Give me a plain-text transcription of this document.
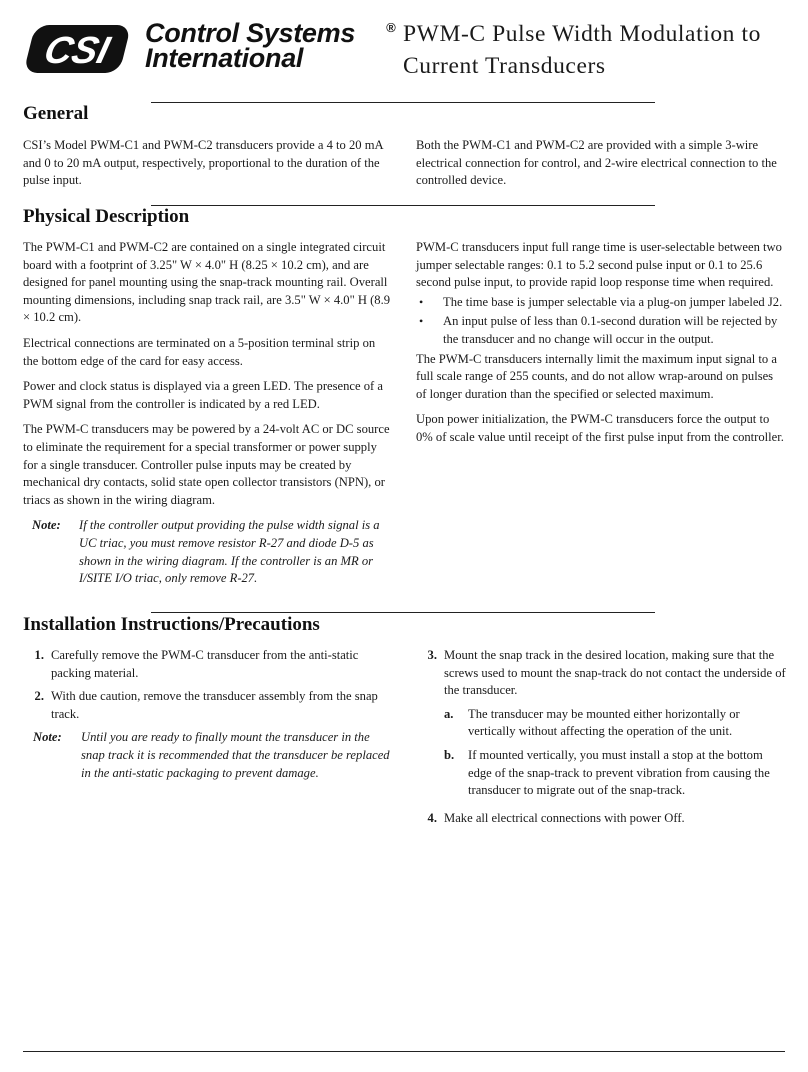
CSI Control Systems
International
® PWM-C Pulse Width Modulation to
Current Transducers
General

CSI’s Model PWM-C1 and PWM-C2 transducers provide a 4 to 20 mA and 0 to 20 mA output, respectively, proportional to the duration of the pulse input.

Both the PWM-C1 and PWM-C2 are provided with a simple 3-wire electrical connection for control, and 2-wire electrical connection to the controlled device.

Physical Description

The PWM-C1 and PWM-C2 are contained on a single integrated circuit board with a footprint of 3.25" W × 4.0" H (8.25 × 10.2 cm), and are designed for panel mounting using the snap-track mounting rail. Overall mounting dimensions, including snap track rail, are 3.5" W × 4.0" H (8.9 × 10.2 cm).

Electrical connections are terminated on a 5-position terminal strip on the bottom edge of the card for easy access.

Power and clock status is displayed via a green LED. The presence of a PWM signal from the controller is indicated by a red LED.

The PWM-C transducers may be powered by a 24-volt AC or DC source to eliminate the requirement for a special transformer or power supply for a single transducer. Controller pulse inputs may be created by mechanical dry contacts, solid state open collector transistors (NPN), or triacs as shown in the wiring diagram.

Note:	If the controller output providing the pulse width signal is a UC triac, you must remove resistor R-27 and diode D-5 as shown in the wiring diagram. If the controller is an MR or I/SITE I/O triac, only remove R-27.

PWM-C transducers input full range time is user-selectable between two jumper selectable ranges: 0.1 to 5.2 second pulse input or 0.1 to 25.6 second pulse input, to provide rapid loop response time when required.

• The time base is jumper selectable via a plug-on jumper labeled J2.
• An input pulse of less than 0.1-second duration will be rejected by the transducer and no change will occur in the output.

The PWM-C transducers internally limit the maximum input signal to a full scale range of 255 counts, and do not allow wrap-around on pulses of longer duration than the specified or selected maximum.

Upon power initialization, the PWM-C transducers force the output to 0% of scale value until receipt of the first pulse input from the controller.

Installation Instructions/Precautions
1. Carefully remove the PWM-C transducer from the anti-static packing material.
2. With due caution, remove the transducer assembly from the snap track.
Note:	Until you are ready to finally mount the transducer in the snap track it is recommended that the transducer be replaced in the anti-static packaging to prevent damage.
3. Mount the snap track in the desired location, making sure that the screws used to mount the snap-track do not contact the underside of the transducer.
a.	The transducer may be mounted either horizontally or vertically without affecting the operation of the unit.
b.	If mounted vertically, you must install a stop at the bottom edge of the snap-track to prevent vibration from causing the transducer to migrate out of the snap-track.
4. Make all electrical connections with power Off.
